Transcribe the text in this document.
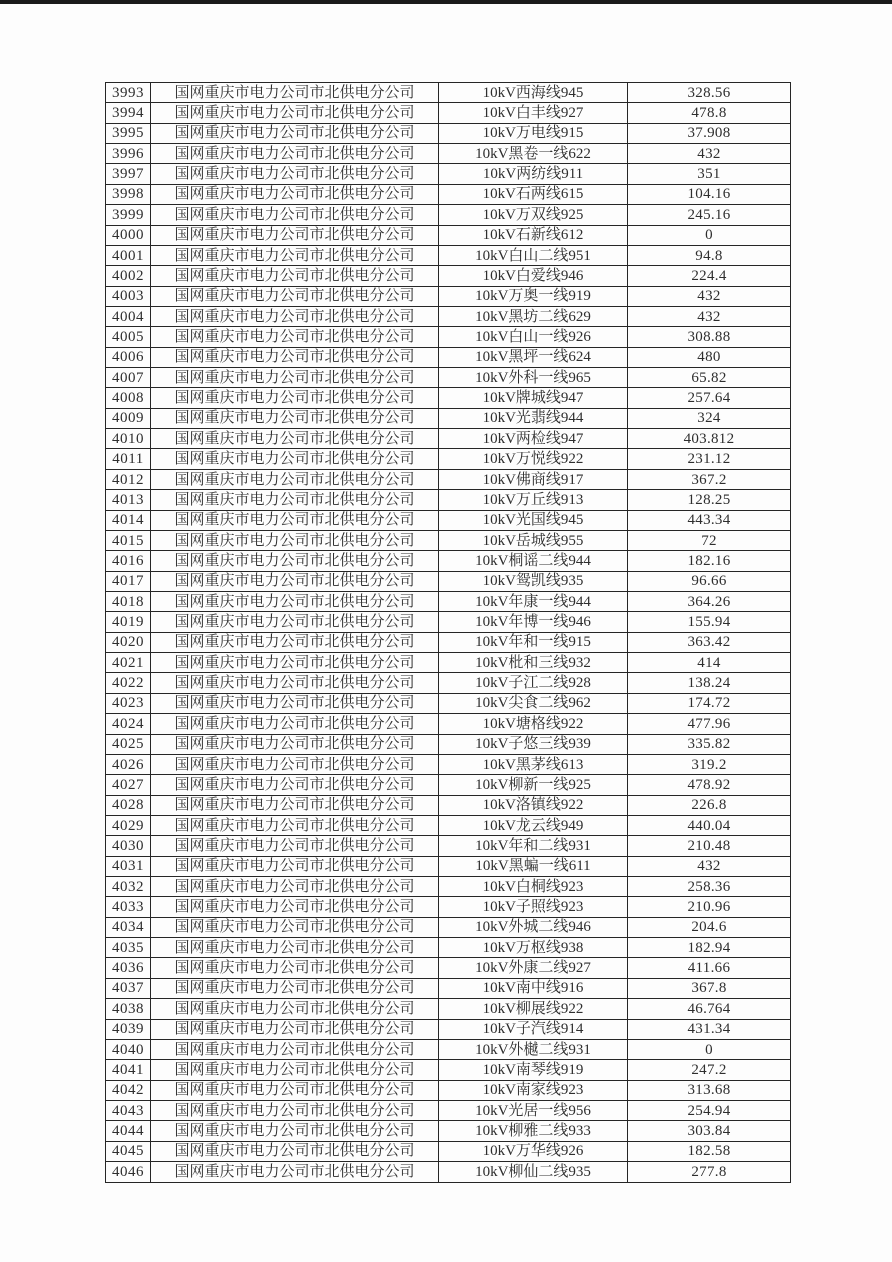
3993	国网重庆市电力公司市北供电分公司	10kV西海线945	328.56
3994	国网重庆市电力公司市北供电分公司	10kV白丰线927	478.8
3995	国网重庆市电力公司市北供电分公司	10kV万电线915	37.908
3996	国网重庆市电力公司市北供电分公司	10kV黑卷一线622	432
3997	国网重庆市电力公司市北供电分公司	10kV两纺线911	351
3998	国网重庆市电力公司市北供电分公司	10kV石两线615	104.16
3999	国网重庆市电力公司市北供电分公司	10kV万双线925	245.16
4000	国网重庆市电力公司市北供电分公司	10kV石新线612	0
4001	国网重庆市电力公司市北供电分公司	10kV白山二线951	94.8
4002	国网重庆市电力公司市北供电分公司	10kV白爱线946	224.4
4003	国网重庆市电力公司市北供电分公司	10kV万奥一线919	432
4004	国网重庆市电力公司市北供电分公司	10kV黑坊二线629	432
4005	国网重庆市电力公司市北供电分公司	10kV白山一线926	308.88
4006	国网重庆市电力公司市北供电分公司	10kV黑坪一线624	480
4007	国网重庆市电力公司市北供电分公司	10kV外科一线965	65.82
4008	国网重庆市电力公司市北供电分公司	10kV牌城线947	257.64
4009	国网重庆市电力公司市北供电分公司	10kV光翡线944	324
4010	国网重庆市电力公司市北供电分公司	10kV两检线947	403.812
4011	国网重庆市电力公司市北供电分公司	10kV万悦线922	231.12
4012	国网重庆市电力公司市北供电分公司	10kV佛商线917	367.2
4013	国网重庆市电力公司市北供电分公司	10kV万丘线913	128.25
4014	国网重庆市电力公司市北供电分公司	10kV光国线945	443.34
4015	国网重庆市电力公司市北供电分公司	10kV岳城线955	72
4016	国网重庆市电力公司市北供电分公司	10kV桐谣二线944	182.16
4017	国网重庆市电力公司市北供电分公司	10kV鸳凯线935	96.66
4018	国网重庆市电力公司市北供电分公司	10kV年康一线944	364.26
4019	国网重庆市电力公司市北供电分公司	10kV年博一线946	155.94
4020	国网重庆市电力公司市北供电分公司	10kV年和一线915	363.42
4021	国网重庆市电力公司市北供电分公司	10kV枇和三线932	414
4022	国网重庆市电力公司市北供电分公司	10kV子江二线928	138.24
4023	国网重庆市电力公司市北供电分公司	10kV尖食二线962	174.72
4024	国网重庆市电力公司市北供电分公司	10kV塘格线922	477.96
4025	国网重庆市电力公司市北供电分公司	10kV子悠三线939	335.82
4026	国网重庆市电力公司市北供电分公司	10kV黑茅线613	319.2
4027	国网重庆市电力公司市北供电分公司	10kV柳新一线925	478.92
4028	国网重庆市电力公司市北供电分公司	10kV洛镇线922	226.8
4029	国网重庆市电力公司市北供电分公司	10kV龙云线949	440.04
4030	国网重庆市电力公司市北供电分公司	10kV年和二线931	210.48
4031	国网重庆市电力公司市北供电分公司	10kV黑蝙一线611	432
4032	国网重庆市电力公司市北供电分公司	10kV白桐线923	258.36
4033	国网重庆市电力公司市北供电分公司	10kV子照线923	210.96
4034	国网重庆市电力公司市北供电分公司	10kV外城二线946	204.6
4035	国网重庆市电力公司市北供电分公司	10kV万枢线938	182.94
4036	国网重庆市电力公司市北供电分公司	10kV外康二线927	411.66
4037	国网重庆市电力公司市北供电分公司	10kV南中线916	367.8
4038	国网重庆市电力公司市北供电分公司	10kV柳展线922	46.764
4039	国网重庆市电力公司市北供电分公司	10kV子汽线914	431.34
4040	国网重庆市电力公司市北供电分公司	10kV外樾二线931	0
4041	国网重庆市电力公司市北供电分公司	10kV南琴线919	247.2
4042	国网重庆市电力公司市北供电分公司	10kV南家线923	313.68
4043	国网重庆市电力公司市北供电分公司	10kV光居一线956	254.94
4044	国网重庆市电力公司市北供电分公司	10kV柳雅二线933	303.84
4045	国网重庆市电力公司市北供电分公司	10kV万华线926	182.58
4046	国网重庆市电力公司市北供电分公司	10kV柳仙二线935	277.8
